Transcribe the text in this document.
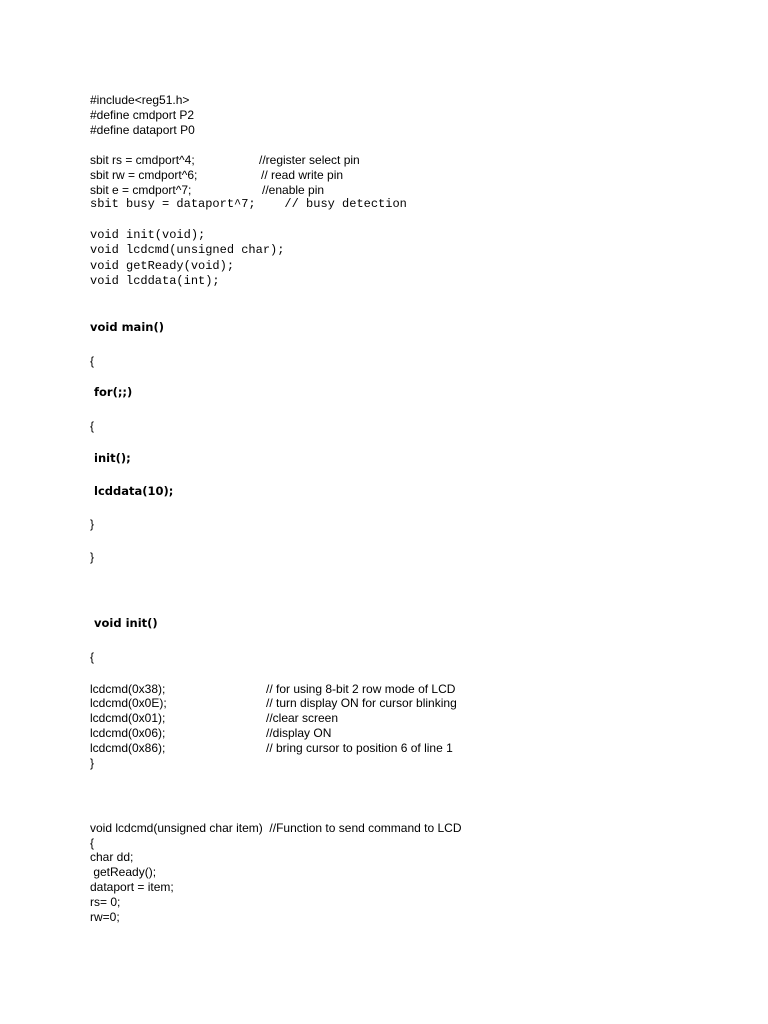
#include<reg51.h>
#define cmdport P2
#define dataport P0
sbit rs = cmdport^4;	//register select pin
sbit rw = cmdport^6;	// read write pin
sbit e = cmdport^7;	//enable pin
sbit busy = dataport^7;    // busy detection
void init(void);
void lcdcmd(unsigned char);
void getReady(void);
void lcddata(int);
void main()
{
for(;;)
{
init();
lcddata(10);
}
}
void init()
{
lcdcmd(0x38);	// for using 8-bit 2 row mode of LCD
lcdcmd(0x0E);	// turn display ON for cursor blinking
lcdcmd(0x01);	//clear screen
lcdcmd(0x06);	//display ON
lcdcmd(0x86);	// bring cursor to position 6 of line 1
}
void lcdcmd(unsigned char item)  //Function to send command to LCD
{
char dd;
getReady();
dataport = item;
rs= 0;
rw=0;
